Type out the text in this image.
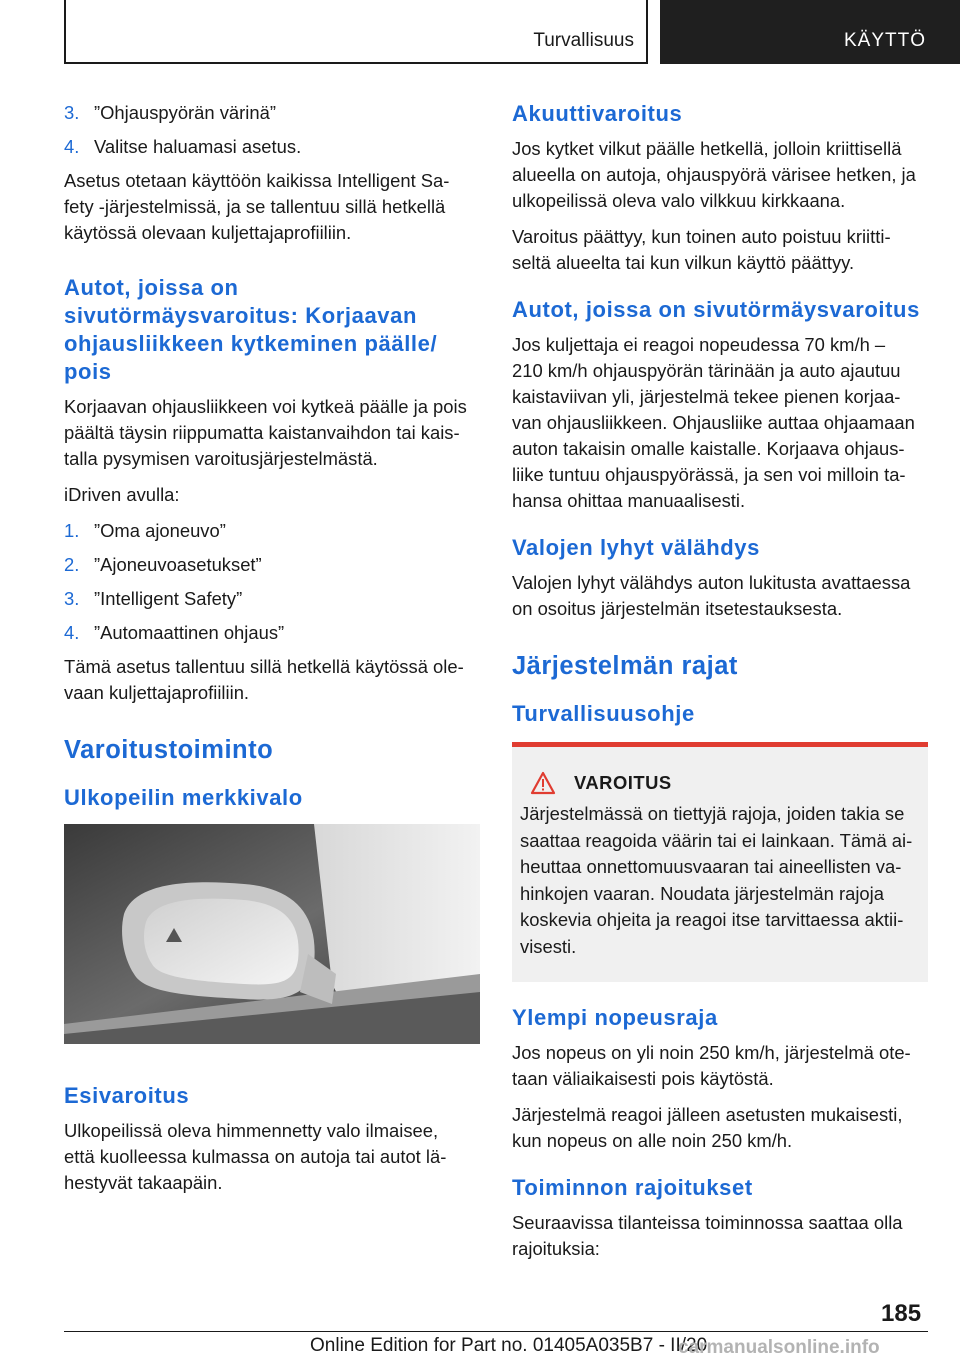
Turvallisuus	KÄYTTÖ
3. ”Ohjauspyörän värinä”
4. Valitse haluamasi asetus.

Asetus otetaan käyttöön kaikissa Intelligent Sa-
fety -järjestelmissä, ja se tallentuu sillä hetkellä
käytössä olevaan kuljettajaprofiiliin.

Autot, joissa on
sivutörmäysvaroitus: Korjaavan
ohjausliikkeen kytkeminen päälle/
pois

Korjaavan ohjausliikkeen voi kytkeä päälle ja pois
päältä täysin riippumatta kaistanvaihdon tai kais-
talla pysymisen varoitusjärjestelmästä.

iDriven avulla:

1. ”Oma ajoneuvo”
2. ”Ajoneuvoasetukset”
3. ”Intelligent Safety”
4. ”Automaattinen ohjaus”

Tämä asetus tallentuu sillä hetkellä käytössä ole-
vaan kuljettajaprofiiliin.

Varoitustoiminto
Ulkopeilin merkkivalo
Esivaroitus

Ulkopeilissä oleva himmennetty valo ilmaisee,
että kuolleessa kulmassa on autoja tai autot lä-
hestyvät takaapäin.

Akuuttivaroitus

Jos kytket vilkut päälle hetkellä, jolloin kriittisellä
alueella on autoja, ohjauspyörä värisee hetken, ja
ulkopeilissä oleva valo vilkkuu kirkkaana.

Varoitus päättyy, kun toinen auto poistuu kriitti-
seltä alueelta tai kun vilkun käyttö päättyy.

Autot, joissa on sivutörmäysvaroitus

Jos kuljettaja ei reagoi nopeudessa 70 km/h –
210 km/h ohjauspyörän tärinään ja auto ajautuu
kaistaviivan yli, järjestelmä tekee pienen korjaa-
van ohjausliikkeen. Ohjausliike auttaa ohjaamaan
auton takaisin omalle kaistalle. Korjaava ohjaus-
liike tuntuu ohjauspyörässä, ja sen voi milloin ta-
hansa ohittaa manuaalisesti.

Valojen lyhyt välähdys

Valojen lyhyt välähdys auton lukitusta avattaessa
on osoitus järjestelmän itsetestauksesta.

Järjestelmän rajat
Turvallisuusohje
VAROITUS

Järjestelmässä on tiettyjä rajoja, joiden takia se
saattaa reagoida väärin tai ei lainkaan. Tämä ai-
heuttaa onnettomuusvaaran tai aineellisten va-
hinkojen vaaran. Noudata järjestelmän rajoja
koskevia ohjeita ja reagoi itse tarvittaessa aktii-
visesti.

Ylempi nopeusraja

Jos nopeus on yli noin 250 km/h, järjestelmä ote-
taan väliaikaisesti pois käytöstä.

Järjestelmä reagoi jälleen asetusten mukaisesti,
kun nopeus on alle noin 250 km/h.

Toiminnon rajoitukset

Seuraavissa tilanteissa toiminnossa saattaa olla
rajoituksia:

185
Online Edition for Part no. 01405A035B7 - II/20
carmanualsonline.info
